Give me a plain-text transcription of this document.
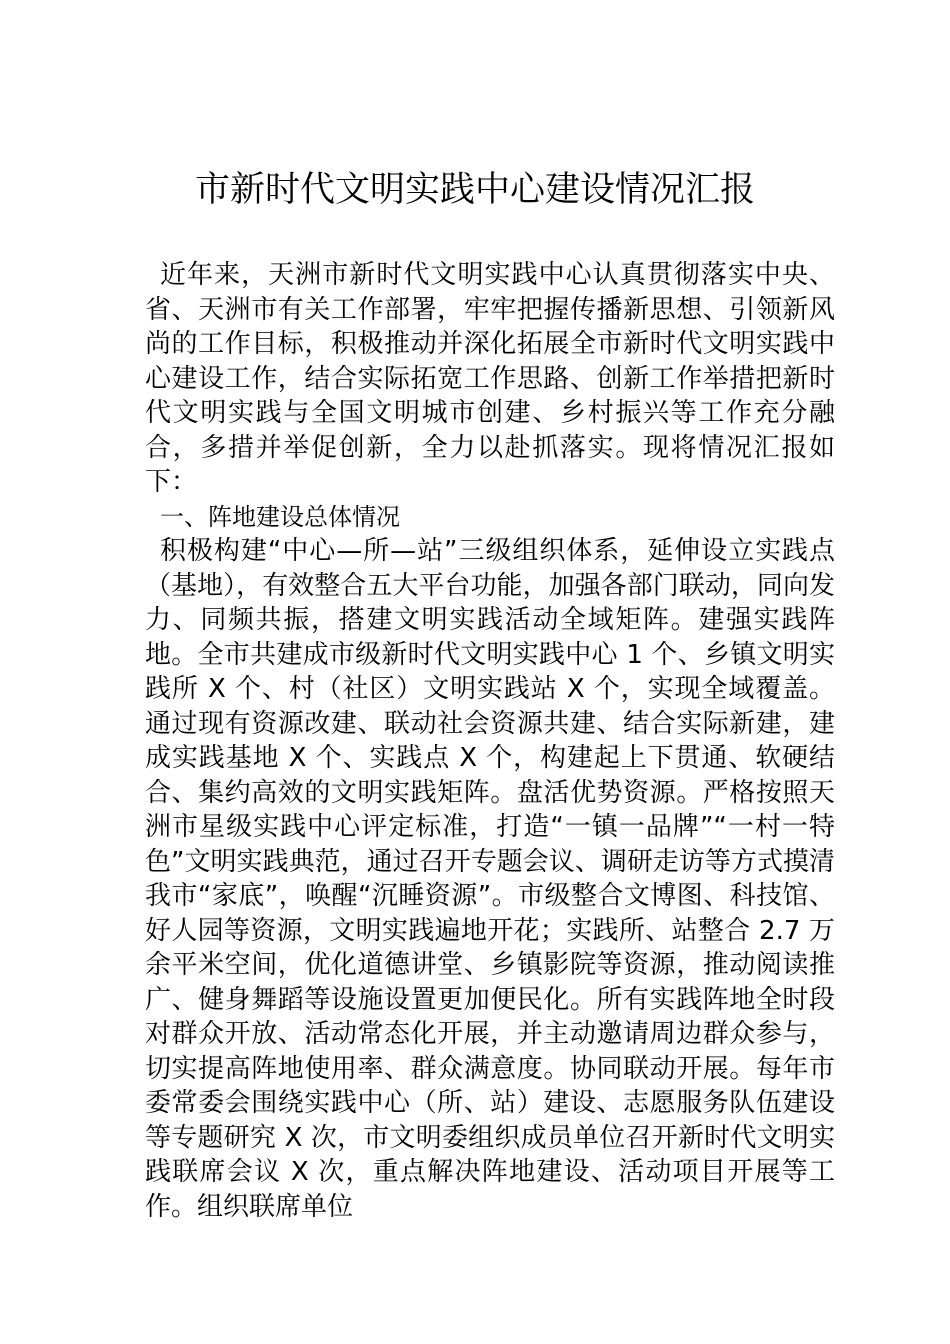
市新时代文明实践中心建设情况汇报

近年来，天洲市新时代文明实践中心认真贯彻落实中央、省、天洲市有关工作部署，牢牢把握传播新思想、引领新风尚的工作目标，积极推动并深化拓展全市新时代文明实践中心建设工作，结合实际拓宽工作思路、创新工作举措把新时代文明实践与全国文明城市创建、乡村振兴等工作充分融合，多措并举促创新，全力以赴抓落实。现将情况汇报如下：

一、阵地建设总体情况

积极构建“中心—所—站”三级组织体系，延伸设立实践点（基地），有效整合五大平台功能，加强各部门联动，同向发力、同频共振，搭建文明实践活动全域矩阵。建强实践阵地。全市共建成市级新时代文明实践中心 1 个、乡镇文明实践所 X 个、村（社区）文明实践站 X 个，实现全域覆盖。通过现有资源改建、联动社会资源共建、结合实际新建，建成实践基地 X 个、实践点 X 个，构建起上下贯通、软硬结合、集约高效的文明实践矩阵。盘活优势资源。严格按照天洲市星级实践中心评定标准，打造“一镇一品牌”“一村一特色”文明实践典范，通过召开专题会议、调研走访等方式摸清我市“家底”，唤醒“沉睡资源”。市级整合文博图、科技馆、好人园等资源，文明实践遍地开花；实践所、站整合 2.7 万余平米空间，优化道德讲堂、乡镇影院等资源，推动阅读推广、健身舞蹈等设施设置更加便民化。所有实践阵地全时段对群众开放、活动常态化开展，并主动邀请周边群众参与，切实提高阵地使用率、群众满意度。协同联动开展。每年市委常委会围绕实践中心（所、站）建设、志愿服务队伍建设等专题研究 X 次，市文明委组织成员单位召开新时代文明实践联席会议 X 次，重点解决阵地建设、活动项目开展等工作。组织联席单位
